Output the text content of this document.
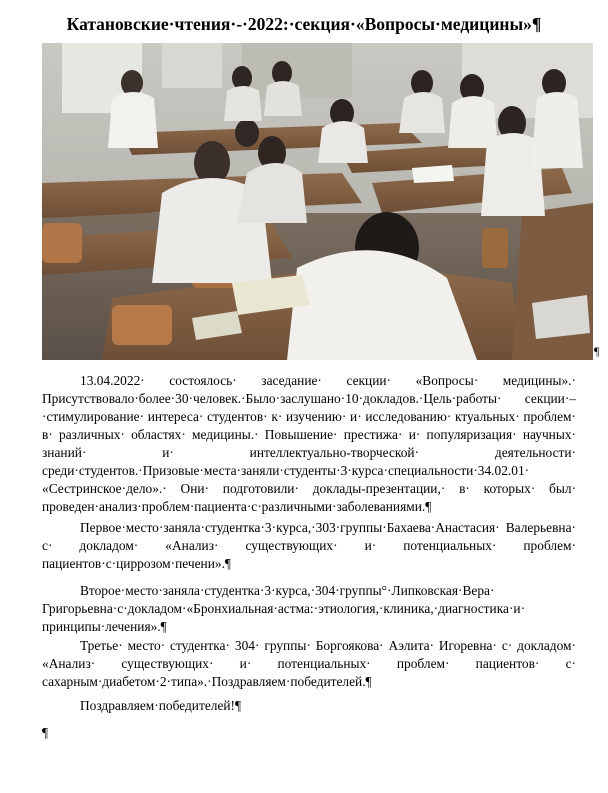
Катановские·чтения·-·2022:·секция·«Вопросы·медицины»¶
¶

13.04.2022· состоялось· заседание· секции· «Вопросы· медицины».· Присутствовало·более·30·человек.·Было·заслушано·10·докладов.·Цель·работы· секции·–·стимулирование· интереса· студентов· к· изучению· и· исследованию· ктуальных· проблем· в· различных· областях· медицины.· Повышение· престижа· и· популяризация· научных· знаний· и· интеллектуально-творческой· деятельности· среди·студентов.·Призовые·места·заняли·студенты·3·курса·специальности·34.02.01· «Сестринское·дело».· Они· подготовили· доклады-презентации,· в· которых· был· проведен·анализ·проблем·пациента·с·различными·заболеваниями.¶

Первое·место·заняла·студентка·3·курса,·303·группы·Бахаева·Анастасия· Валерьевна· с· докладом· «Анализ· существующих· и· потенциальных· проблем· пациентов·с·циррозом·печени».¶

Второе·место·заняла·студентка·3·курса,·304·группы°·Липковская·Вера· Григорьевна·с·докладом·«Бронхиальная·астма:·этиология,·клиника,·диагностика·и· принципы·лечения».¶

Третье· место· студентка· 304· группы· Боргоякова· Аэлита· Игоревна· с· докладом· «Анализ· существующих· и· потенциальных· проблем· пациентов· с· сахарным·диабетом·2·типа».·Поздравляем·победителей.¶

Поздравляем·победителей!¶

¶
